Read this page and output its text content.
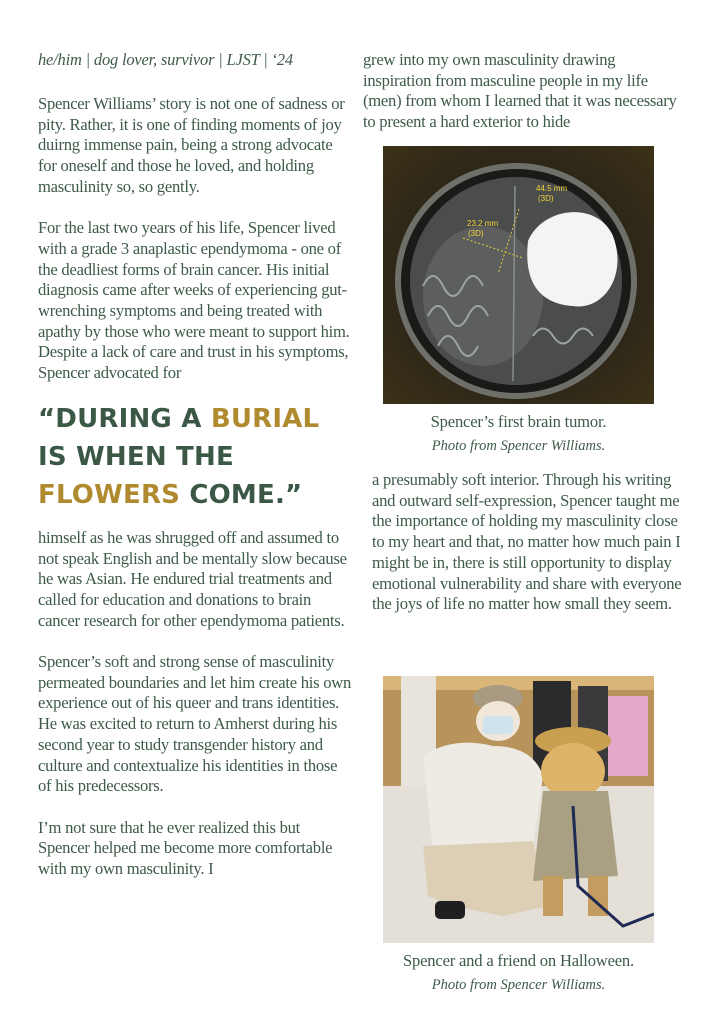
he/him | dog lover, survivor | LJST | ‘24

Spencer Williams’ story is not one of sadness or pity. Rather, it is one of finding moments of joy duirng immense pain, being a strong advocate for oneself and those he loved, and holding masculinity so, so gently.

For the last two years of his life, Spencer lived with a grade 3 anaplastic ependymoma - one of the deadliest forms of brain cancer. His initial diagnosis came after weeks of experiencing gut-wrenching symptoms and being treated with apathy by those who were meant to support him. Despite a lack of care and trust in his symptoms, Spencer advocated for

“DURING A BURIAL IS WHEN THE FLOWERS COME.”

himself as he was shrugged off and assumed to not speak English and be mentally slow because he was Asian. He endured trial treatments and called for education and donations to brain cancer research for other ependymoma patients.

Spencer’s soft and strong sense of masculinity permeated boundaries and let him create his own experience out of his queer and trans identities. He was excited to return to Amherst during his second year to study transgender history and culture and contextualize his identities in those of his predecessors.

I’m not sure that he ever realized this but Spencer helped me become more comfortable with my own masculinity. I

grew into my own masculinity drawing inspiration from masculine people in my life (men) from whom I learned that it was necessary to present a hard exterior to hide

44.5 mm
(3D)
23.2 mm
(3D)
Spencer’s first brain tumor.
Photo from Spencer Williams.

a presumably soft interior. Through his writing and outward self-expression, Spencer taught me the importance of holding my masculinity close to my heart and that, no matter how much pain I might be in, there is still opportunity to display emotional vulnerability and share with everyone the joys of life no matter how small they seem.

Spencer and a friend on Halloween.
Photo from Spencer Williams.
